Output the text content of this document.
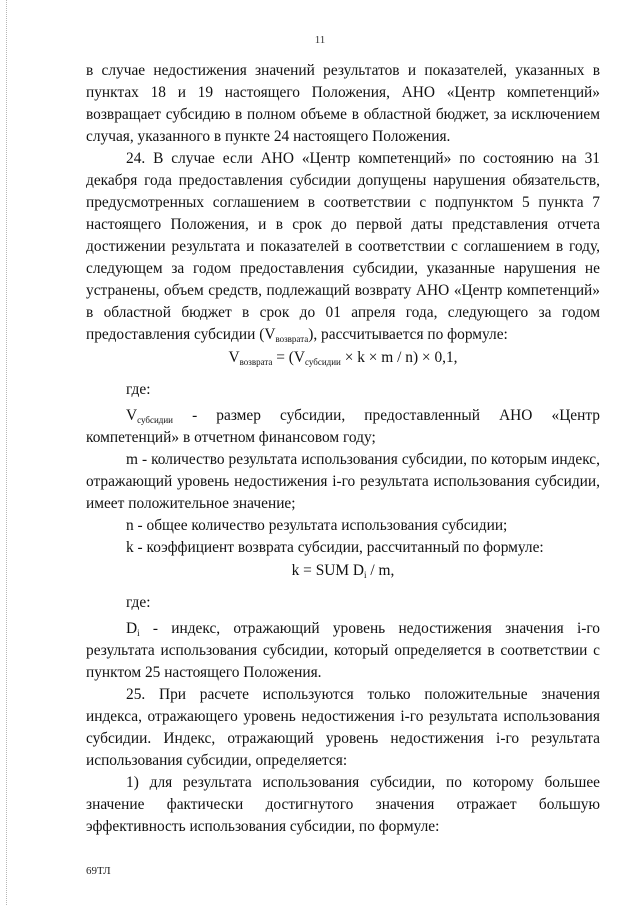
11

в случае недостижения значений результатов и показателей, указанных в пунктах 18 и 19 настоящего Положения, АНО «Центр компетенций» возвращает субсидию в полном объеме в областной бюджет, за исключением случая, указанного в пункте 24 настоящего Положения.

24. В случае если АНО «Центр компетенций» по состоянию на 31 декабря года предоставления субсидии допущены нарушения обязательств, предусмотренных соглашением в соответствии с подпунктом 5 пункта 7 настоящего Положения, и в срок до первой даты представления отчета достижении результата и показателей в соответствии с соглашением в году, следующем за годом предоставления субсидии, указанные нарушения не устранены, объем средств, подлежащий возврату АНО «Центр компетенций» в областной бюджет в срок до 01 апреля года, следующего за годом предоставления субсидии $(V_{возврата})$, рассчитывается по формуле:

$V_{возврата} = (V_{субсидии} \times k \times m / n) \times 0,1$,

где:

$V_{субсидии}$ - размер субсидии, предоставленный АНО «Центр компетенций» в отчетном финансовом году;

m - количество результата использования субсидии, по которым индекс, отражающий уровень недостижения i-го результата использования субсидии, имеет положительное значение;

n - общее количество результата использования субсидии;

k - коэффициент возврата субсидии, рассчитанный по формуле:

k = SUM $D_i$ / m,

где:

$D_i$ - индекс, отражающий уровень недостижения значения i-го результата использования субсидии, который определяется в соответствии с пунктом 25 настоящего Положения.

25. При расчете используются только положительные значения индекса, отражающего уровень недостижения i-го результата использования субсидии. Индекс, отражающий уровень недостижения i-го результата использования субсидии, определяется:

1) для результата использования субсидии, по которому большее значение фактически достигнутого значения отражает большую эффективность использования субсидии, по формуле:

69ТЛ
